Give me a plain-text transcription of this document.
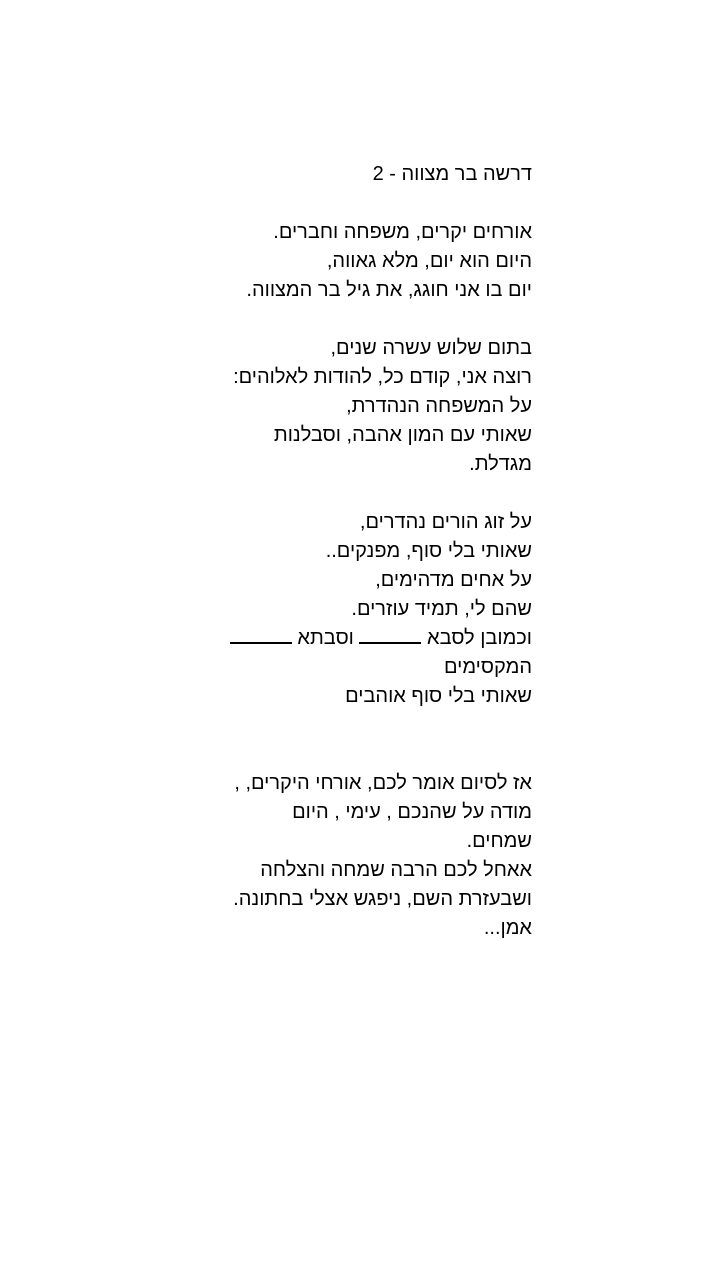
דרשה בר מצווה - 2
אורחים יקרים, משפחה וחברים.
היום הוא יום, מלא גאווה,
יום בו אני חוגג, את גיל בר המצווה.
בתום שלוש עשרה שנים,
רוצה אני, קודם כל, להודות לאלוהים:
על המשפחה הנהדרת,
שאותי עם המון אהבה, וסבלנות
מגדלת.
על זוג הורים נהדרים,
שאותי בלי סוף, מפנקים..
על אחים מדהימים,
שהם לי, תמיד עוזרים.
וכמובן לסבא  וסבתא
המקסימים
שאותי בלי סוף אוהבים
אז לסיום אומר לכם, אורחי היקרים, ,
מודה על שהנכם , עימי , היום
שמחים.
אאחל לכם הרבה שמחה והצלחה
ושבעזרת השם, ניפגש אצלי בחתונה.
אמן...
